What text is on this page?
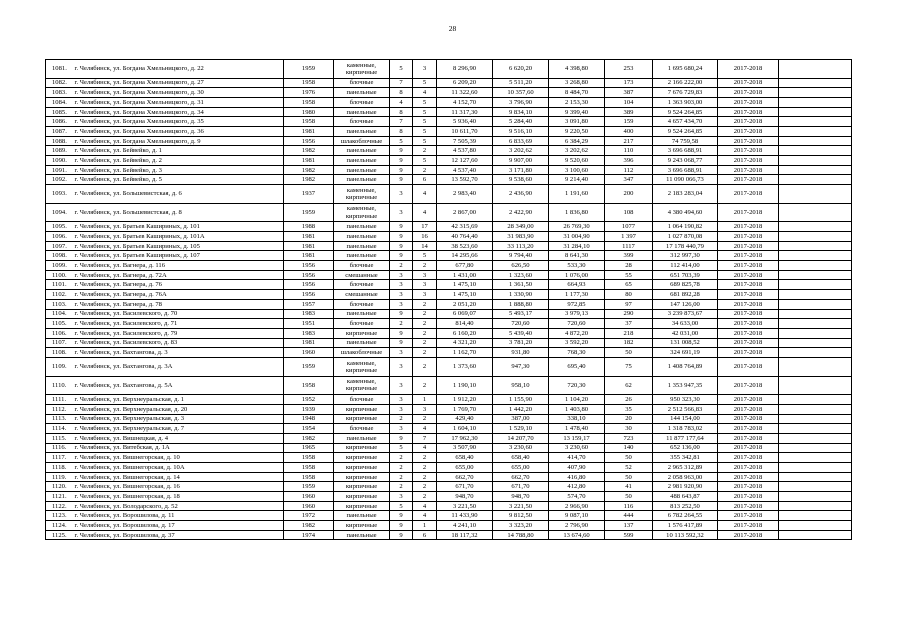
28
1081.	г. Челябинск, ул. Богдана Хмельницкого, д. 22	1959	каменные, кирпичные	5	3	8 296,90	6 620,20	4 398,80	253	1 695 680,24	2017-2018	
1082.	г. Челябинск, ул. Богдана Хмельницкого, д. 27	1958	блочные	7	5	6 209,20	5 511,20	3 268,80	173	2 166 222,00	2017-2018	
1083.	г. Челябинск, ул. Богдана Хмельницкого, д. 30	1976	панельные	8	4	11 322,60	10 357,60	8 484,70	387	7 676 729,83	2017-2018	
1084.	г. Челябинск, ул. Богдана Хмельницкого, д. 31	1958	блочные	4	5	4 152,70	3 796,90	2 153,30	104	1 363 903,00	2017-2018	
1085.	г. Челябинск, ул. Богдана Хмельницкого, д. 34	1980	панельные	8	5	11 317,30	9 834,10	9 399,40	389	9 524 264,85	2017-2018	
1086.	г. Челябинск, ул. Богдана Хмельницкого, д. 35	1958	блочные	7	5	5 936,40	5 284,40	3 091,80	159	4 657 434,70	2017-2018	
1087.	г. Челябинск, ул. Богдана Хмельницкого, д. 36	1981	панельные	8	5	10 611,70	9 516,10	9 220,50	400	9 524 264,85	2017-2018	
1088.	г. Челябинск, ул. Богдана Хмельницкого, д. 9	1956	шлакоблочные	5	5	7 505,39	6 833,69	6 384,29	217	74 759,58	2017-2018	
1089.	г. Челябинск, ул. Бейвейко, д. 1	1982	панельные	9	2	4 537,80	3 202,62	3 202,62	110	3 696 688,91	2017-2018	
1090.	г. Челябинск, ул. Бейвейко, д. 2	1981	панельные	9	5	12 127,60	9 907,00	9 520,60	396	9 243 068,77	2017-2018	
1091.	г. Челябинск, ул. Бейвейко, д. 3	1982	панельные	9	2	4 537,40	3 171,80	3 100,60	112	3 696 688,91	2017-2018	
1092.	г. Челябинск, ул. Бейвейко, д. 5	1982	панельные	9	6	13 592,70	9 538,60	9 214,40	347	11 090 066,73	2017-2018	
1093.	г. Челябинск, ул. Большевистская, д. 6	1937	каменные, кирпичные	3	4	2 983,40	2 436,90	1 191,60	200	2 183 283,04	2017-2018	
1094.	г. Челябинск, ул. Большевистская, д. 8	1959	каменные, кирпичные	3	4	2 867,00	2 422,90	1 836,80	108	4 380 494,60	2017-2018	
1095.	г. Челябинск, ул. Братьев Кашириных, д. 101	1988	панельные	9	17	42 315,69	28 349,00	26 769,30	1077	1 064 190,82	2017-2018	
1096.	г. Челябинск, ул. Братьев Кашириных, д. 101А	1981	панельные	9	16	40 764,40	31 983,90	31 004,90	1 397	1 027 870,08	2017-2018	
1097.	г. Челябинск, ул. Братьев Кашириных, д. 105	1981	панельные	9	14	38 523,60	33 113,20	31 284,10	1117	17 178 440,79	2017-2018	
1098.	г. Челябинск, ул. Братьев Кашириных, д. 107	1981	панельные	9	5	14 295,66	9 794,40	8 641,30	399	312 997,30	2017-2018	
1099.	г. Челябинск, ул. Вагнера, д. 116	1956	блочные	2	2	677,80	626,50	533,30	28	112 414,00	2017-2018	
1100.	г. Челябинск, ул. Вагнера, д. 72А	1956	смешанные	3	3	1 431,00	1 323,60	1 076,00	55	651 703,39	2017-2018	
1101.	г. Челябинск, ул. Вагнера, д. 76	1956	блочные	3	3	1 475,10	1 361,50	664,93	65	689 825,78	2017-2018	
1102.	г. Челябинск, ул. Вагнера, д. 76А	1956	смешанные	3	3	1 475,10	1 330,90	1 177,30	80	681 892,28	2017-2018	
1103.	г. Челябинск, ул. Вагнера, д. 78	1957	блочные	3	2	2 051,20	1 888,80	972,85	97	147 126,00	2017-2018	
1104.	г. Челябинск, ул. Василевского, д. 70	1983	панельные	9	2	6 069,07	5 493,17	3 979,13	290	3 239 873,67	2017-2018	
1105.	г. Челябинск, ул. Василевского, д. 71	1951	блочные	2	2	814,40	720,60	720,60	37	34 633,00	2017-2018	
1106.	г. Челябинск, ул. Василевского, д. 79	1983	кирпичные	9	2	6 160,20	5 439,40	4 872,20	218	42 031,00	2017-2018	
1107.	г. Челябинск, ул. Василевского, д. 83	1981	панельные	9	2	4 321,20	3 781,20	3 592,20	182	131 008,52	2017-2018	
1108.	г. Челябинск, ул. Вахтангова, д. 3	1960	шлакоблочные	3	2	1 162,70	931,80	768,30	50	324 691,19	2017-2018	
1109.	г. Челябинск, ул. Вахтангова, д. 3А	1959	каменные, кирпичные	3	2	1 373,60	947,30	695,40	75	1 408 764,89	2017-2018	
1110.	г. Челябинск, ул. Вахтангова, д. 5А	1958	каменные, кирпичные	3	2	1 190,10	958,10	720,30	62	1 353 947,35	2017-2018	
1111.	г. Челябинск, ул. Верхнеуральская, д. 1	1952	блочные	3	1	1 912,20	1 155,90	1 104,20	26	950 323,30	2017-2018	
1112.	г. Челябинск, ул. Верхнеуральская, д. 20	1939	кирпичные	3	3	1 769,70	1 442,20	1 403,80	35	2 512 566,83	2017-2018	
1113.	г. Челябинск, ул. Верхнеуральская, д. 3	1948	кирпичные	2	2	429,40	387,00	338,10	20	144 154,00	2017-2018	
1114.	г. Челябинск, ул. Верхнеуральская, д. 7	1954	блочные	3	4	1 604,10	1 529,10	1 478,40	30	1 318 783,02	2017-2018	
1115.	г. Челябинск, ул. Вишнецкая, д. 4	1982	панельные	9	7	17 962,30	14 207,70	13 159,17	723	11 877 177,64	2017-2018	
1116.	г. Челябинск, ул. Витебская, д. 1А	1965	кирпичные	5	4	3 507,90	3 230,60	3 230,60	140	652 136,00	2017-2018	
1117.	г. Челябинск, ул. Вишнегорская, д. 10	1958	кирпичные	2	2	658,40	658,40	414,70	50	355 342,81	2017-2018	
1118.	г. Челябинск, ул. Вишнегорская, д. 10А	1958	кирпичные	2	2	655,00	655,00	407,90	52	2 965 312,89	2017-2018	
1119.	г. Челябинск, ул. Вишнегорская, д. 14	1958	кирпичные	2	2	662,70	662,70	416,80	50	2 058 963,00	2017-2018	
1120.	г. Челябинск, ул. Вишнегорская, д. 16	1959	кирпичные	2	2	671,70	671,70	412,80	41	2 981 920,90	2017-2018	
1121.	г. Челябинск, ул. Вишнегорская, д. 18	1960	кирпичные	3	2	948,70	948,70	574,70	50	488 643,87	2017-2018	
1122.	г. Челябинск, ул. Володарского, д. 52	1960	кирпичные	5	4	3 221,50	3 221,50	2 966,90	116	813 252,50	2017-2018	
1123.	г. Челябинск, ул. Ворошилова, д. 11	1972	панельные	9	4	11 433,90	9 812,50	9 087,10	444	6 782 264,55	2017-2018	
1124.	г. Челябинск, ул. Ворошилова, д. 17	1982	кирпичные	9	1	4 241,10	3 323,20	2 796,90	137	1 576 417,89	2017-2018	
1125.	г. Челябинск, ул. Ворошилова, д. 37	1974	панельные	9	6	18 117,32	14 788,80	13 674,60	599	10 113 592,32	2017-2018	
